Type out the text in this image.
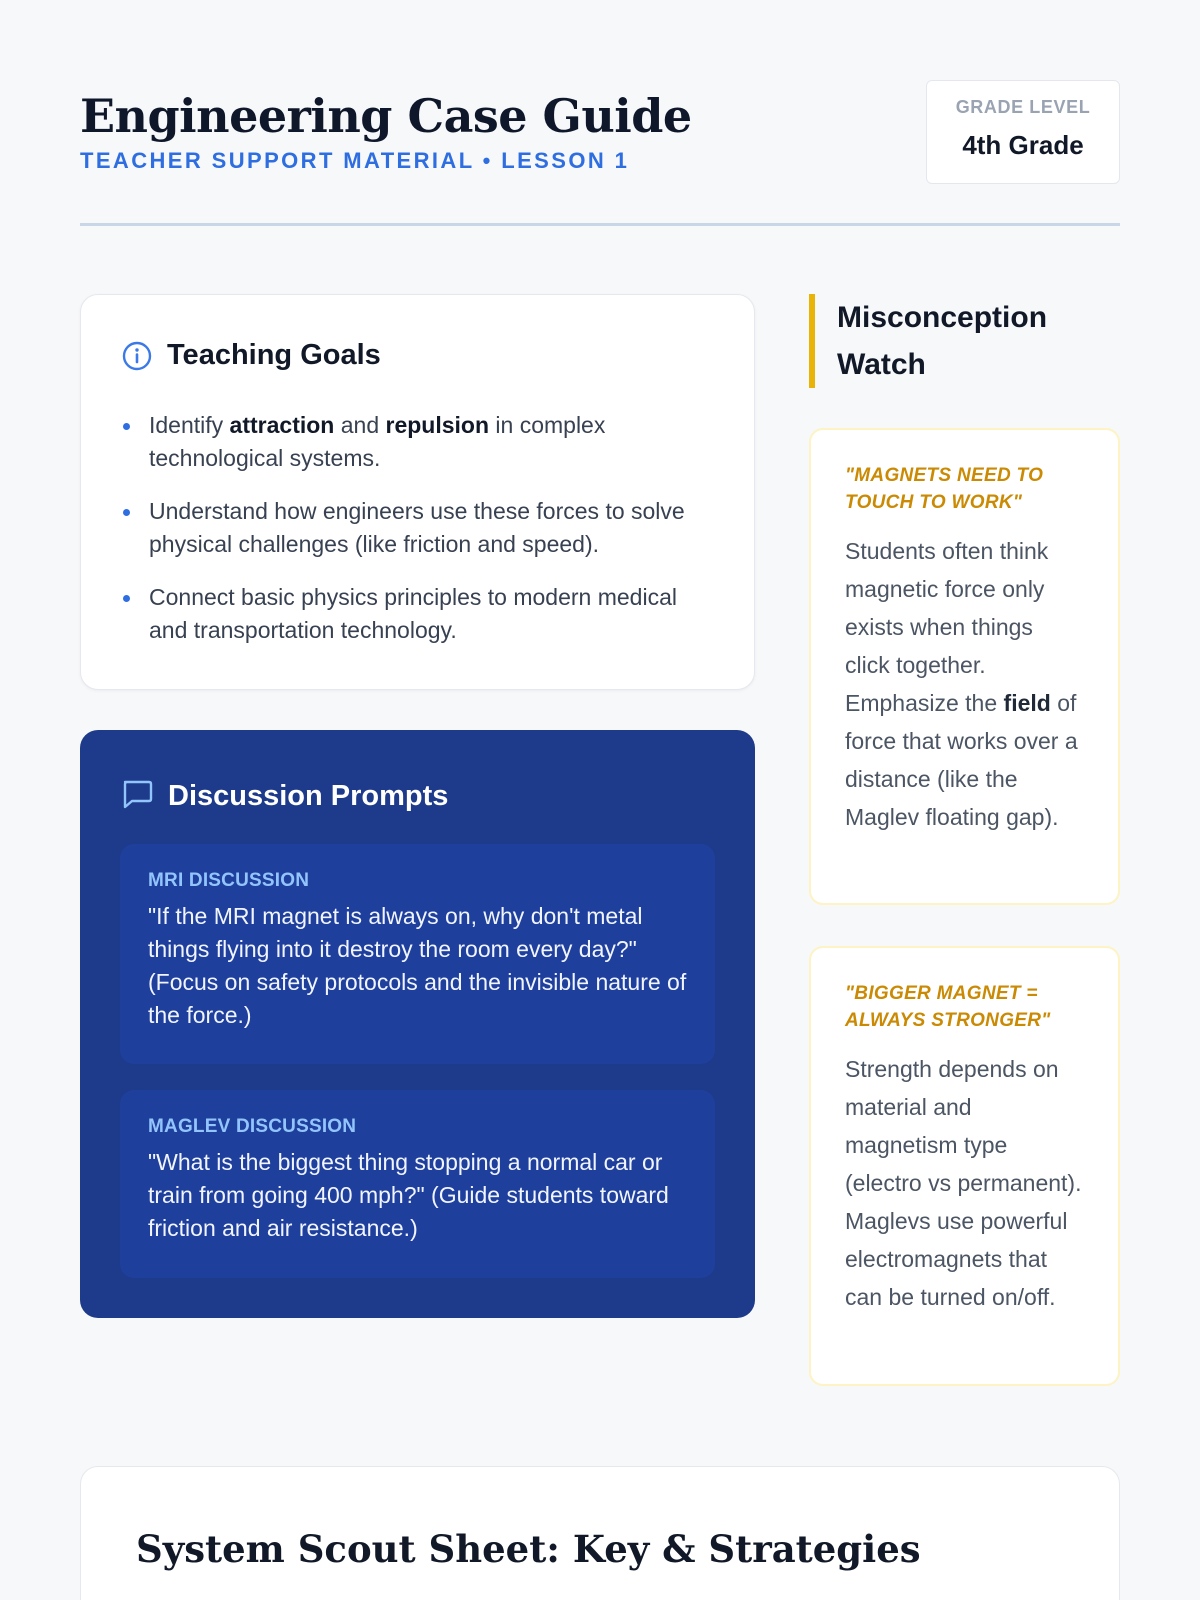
Engineering Case Guide
TEACHER SUPPORT MATERIAL • LESSON 1
GRADE LEVEL
4th Grade
Teaching Goals
Identify attraction and repulsion in complex technological systems.
Understand how engineers use these forces to solve physical challenges (like friction and speed).
Connect basic physics principles to modern medical and transportation technology.
Discussion Prompts
MRI DISCUSSION
"If the MRI magnet is always on, why don't metal things flying into it destroy the room every day?" (Focus on safety protocols and the invisible nature of the force.)
MAGLEV DISCUSSION
"What is the biggest thing stopping a normal car or train from going 400 mph?" (Guide students toward friction and air resistance.)
Misconception Watch
"MAGNETS NEED TO TOUCH TO WORK"

Students often think magnetic force only exists when things click together. Emphasize the field of force that works over a distance (like the Maglev floating gap).

"BIGGER MAGNET = ALWAYS STRONGER"

Strength depends on material and magnetism type (electro vs permanent). Maglevs use powerful electromagnets that can be turned on/off.

System Scout Sheet: Key & Strategies
